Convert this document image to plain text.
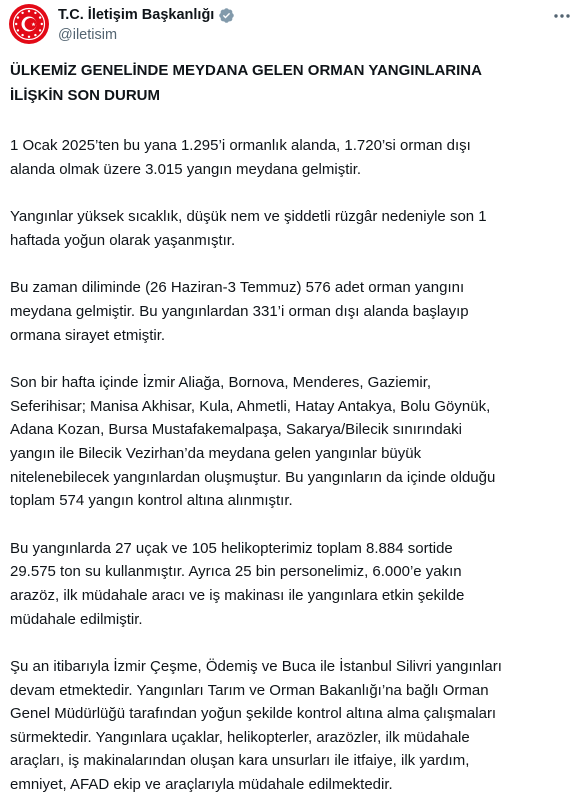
T.C. İletişim Başkanlığı
@iletisim

ÜLKEMİZ GENELİNDE MEYDANA GELEN ORMAN YANGINLARINA
İLİŞKİN SON DURUM

1 Ocak 2025’ten bu yana 1.295’i ormanlık alanda, 1.720’si orman dışı
alanda olmak üzere 3.015 yangın meydana gelmiştir.

Yangınlar yüksek sıcaklık, düşük nem ve şiddetli rüzgâr nedeniyle son 1
haftada yoğun olarak yaşanmıştır.

Bu zaman diliminde (26 Haziran-3 Temmuz) 576 adet orman yangını
meydana gelmiştir. Bu yangınlardan 331’i orman dışı alanda başlayıp
ormana sirayet etmiştir.

Son bir hafta içinde İzmir Aliağa, Bornova, Menderes, Gaziemir,
Seferihisar; Manisa Akhisar, Kula, Ahmetli, Hatay Antakya, Bolu Göynük,
Adana Kozan, Bursa Mustafakemalpaşa, Sakarya/Bilecik sınırındaki
yangın ile Bilecik Vezirhan’da meydana gelen yangınlar büyük
nitelenebilecek yangınlardan oluşmuştur. Bu yangınların da içinde olduğu
toplam 574 yangın kontrol altına alınmıştır.

Bu yangınlarda 27 uçak ve 105 helikopterimiz toplam 8.884 sortide
29.575 ton su kullanmıştır. Ayrıca 25 bin personelimiz, 6.000’e yakın
arazöz, ilk müdahale aracı ve iş makinası ile yangınlara etkin şekilde
müdahale edilmiştir.

Şu an itibarıyla İzmir Çeşme, Ödemiş ve Buca ile İstanbul Silivri yangınları
devam etmektedir. Yangınları Tarım ve Orman Bakanlığı’na bağlı Orman
Genel Müdürlüğü tarafından yoğun şekilde kontrol altına alma çalışmaları
sürmektedir. Yangınlara uçaklar, helikopterler, arazözler, ilk müdahale
araçları, iş makinalarından oluşan kara unsurları ile itfaiye, ilk yardım,
emniyet, AFAD ekip ve araçlarıyla müdahale edilmektedir.
